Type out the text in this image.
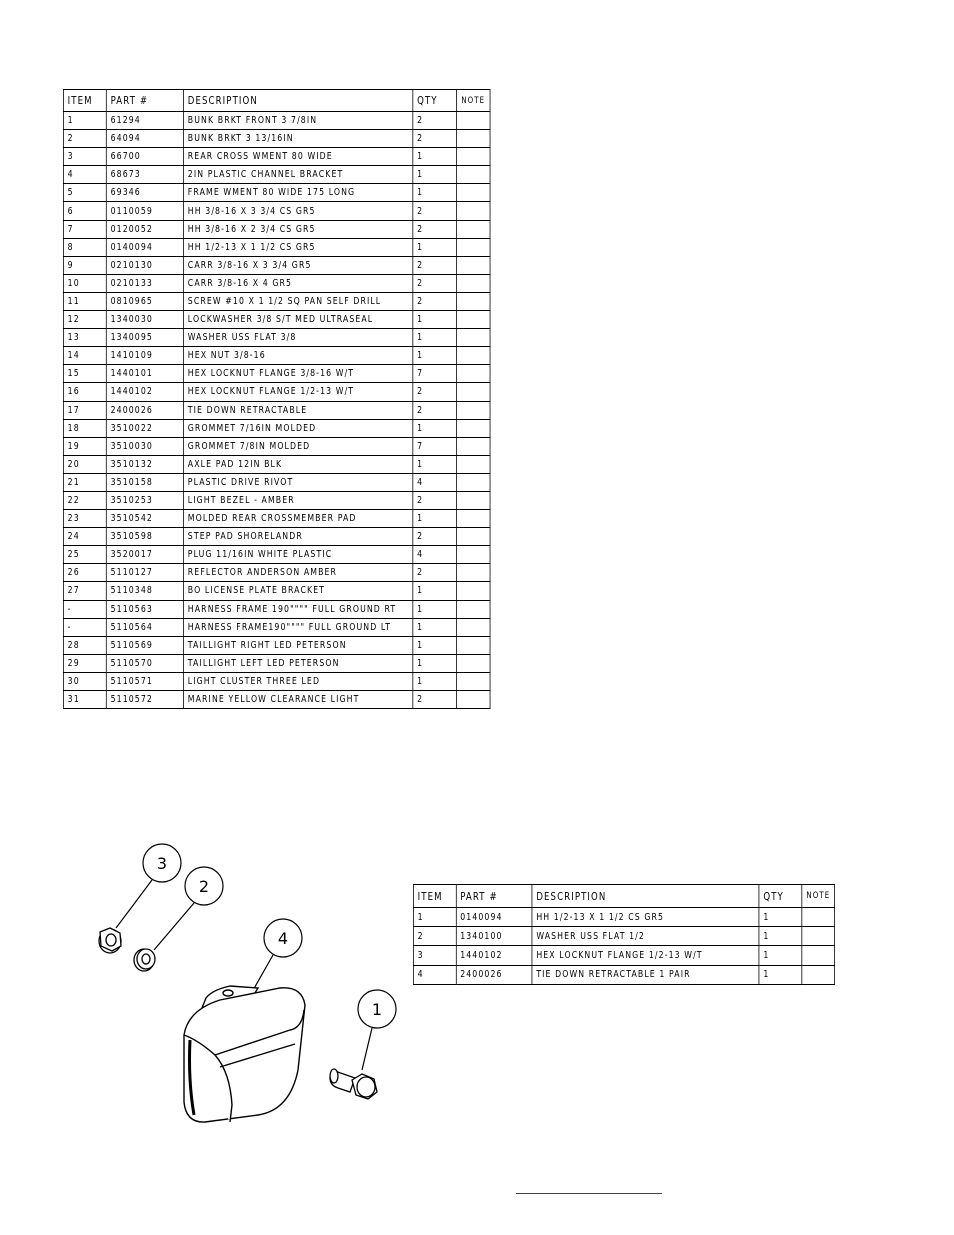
ITEM	PART #	DESCRIPTION	QTY	NOTE
1	61294	BUNK BRKT FRONT 3 7/8IN	2	
2	64094	BUNK BRKT 3 13/16IN	2	
3	66700	REAR CROSS WMENT 80 WIDE	1	
4	68673	2IN PLASTIC CHANNEL BRACKET	1	
5	69346	FRAME WMENT 80 WIDE 175 LONG	1	
6	0110059	HH 3/8-16 X 3 3/4 CS GR5	2	
7	0120052	HH 3/8-16 X 2 3/4 CS GR5	2	
8	0140094	HH 1/2-13 X 1 1/2 CS GR5	1	
9	0210130	CARR 3/8-16 X 3 3/4 GR5	2	
10	0210133	CARR 3/8-16 X 4 GR5	2	
11	0810965	SCREW #10 X 1 1/2 SQ PAN SELF DRILL	2	
12	1340030	LOCKWASHER 3/8 S/T MED ULTRASEAL	1	
13	1340095	WASHER USS FLAT 3/8	1	
14	1410109	HEX NUT 3/8-16	1	
15	1440101	HEX LOCKNUT FLANGE 3/8-16 W/T	7	
16	1440102	HEX LOCKNUT FLANGE 1/2-13 W/T	2	
17	2400026	TIE DOWN RETRACTABLE	2	
18	3510022	GROMMET 7/16IN MOLDED	1	
19	3510030	GROMMET 7/8IN MOLDED	7	
20	3510132	AXLE PAD 12IN BLK	1	
21	3510158	PLASTIC DRIVE RIVOT	4	
22	3510253	LIGHT BEZEL - AMBER	2	
23	3510542	MOLDED REAR CROSSMEMBER PAD	1	
24	3510598	STEP PAD SHORELANDR	2	
25	3520017	PLUG 11/16IN WHITE PLASTIC	4	
26	5110127	REFLECTOR ANDERSON AMBER	2	
27	5110348	BO LICENSE PLATE BRACKET	1	
-	5110563	HARNESS FRAME 190"""" FULL GROUND RT	1	
-	5110564	HARNESS FRAME190"""" FULL GROUND LT	1	
28	5110569	TAILLIGHT RIGHT LED PETERSON	1	
29	5110570	TAILLIGHT LEFT LED PETERSON	1	
30	5110571	LIGHT CLUSTER THREE LED	1	
31	5110572	MARINE YELLOW CLEARANCE LIGHT	2	
3
2
4
1
ITEM	PART #	DESCRIPTION	QTY	NOTE
1	0140094	HH 1/2-13 X 1 1/2 CS GR5	1	
2	1340100	WASHER USS FLAT 1/2	1	
3	1440102	HEX LOCKNUT FLANGE 1/2-13 W/T	1	
4	2400026	TIE DOWN RETRACTABLE 1 PAIR	1	
